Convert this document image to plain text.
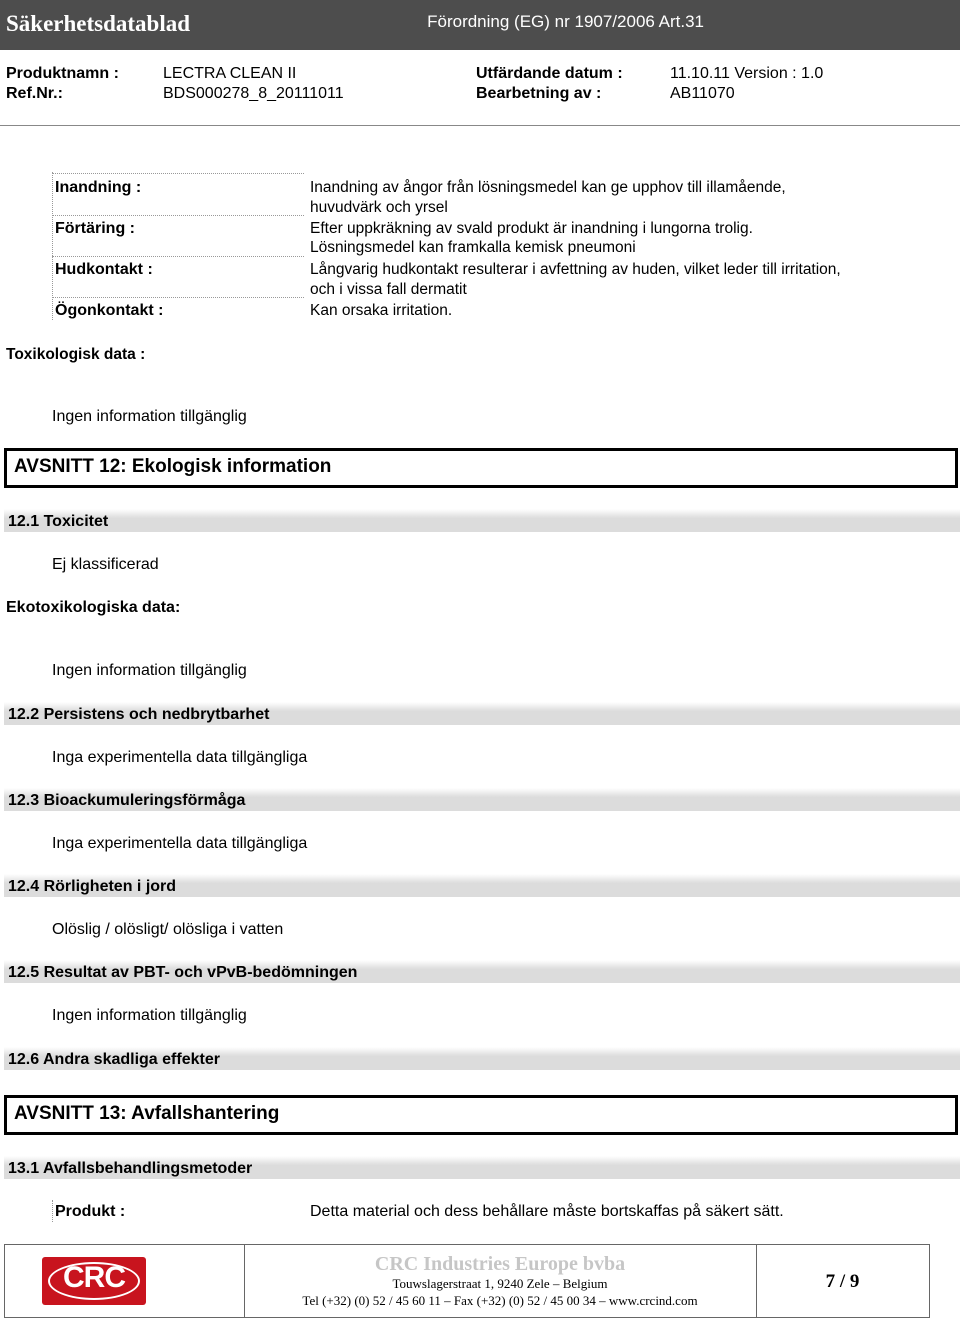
Säkerhetsdatablad	Förordning (EG) nr 1907/2006 Art.31
Produktnamn :	LECTRA CLEAN II	Utfärdande datum :	11.10.11 Version : 1.0
Ref.Nr.:	BDS000278_8_20111011	Bearbetning av :	AB11070
Inandning :	Inandning av ångor från lösningsmedel kan ge upphov till illamående,
huvudvärk och yrsel
Förtäring :	Efter uppkräkning av svald produkt är inandning i lungorna trolig.
Lösningsmedel kan framkalla kemisk pneumoni
Hudkontakt :	Långvarig hudkontakt resulterar i avfettning av huden, vilket leder till irritation,
och i vissa fall dermatit
Ögonkontakt :	Kan orsaka irritation.
Toxikologisk data :
Ingen information tillgänglig
AVSNITT 12: Ekologisk information
12.1 Toxicitet
Ej klassificerad
Ekotoxikologiska data:
Ingen information tillgänglig
12.2 Persistens och nedbrytbarhet
Inga experimentella data tillgängliga
12.3 Bioackumuleringsförmåga
Inga experimentella data tillgängliga
12.4 Rörligheten i jord
Olöslig / olösligt/ olösliga i vatten
12.5 Resultat av PBT- och vPvB-bedömningen
Ingen information tillgänglig
12.6 Andra skadliga effekter
AVSNITT 13: Avfallshantering
13.1 Avfallsbehandlingsmetoder
Produkt :	Detta material och dess behållare måste bortskaffas på säkert sätt.
CRC	CRC Industries Europe bvba
Touwslagerstraat 1, 9240 Zele – Belgium
Tel (+32) (0) 52 / 45 60 11 – Fax (+32) (0) 52 / 45 00 34 – www.crcind.com
7 / 9
